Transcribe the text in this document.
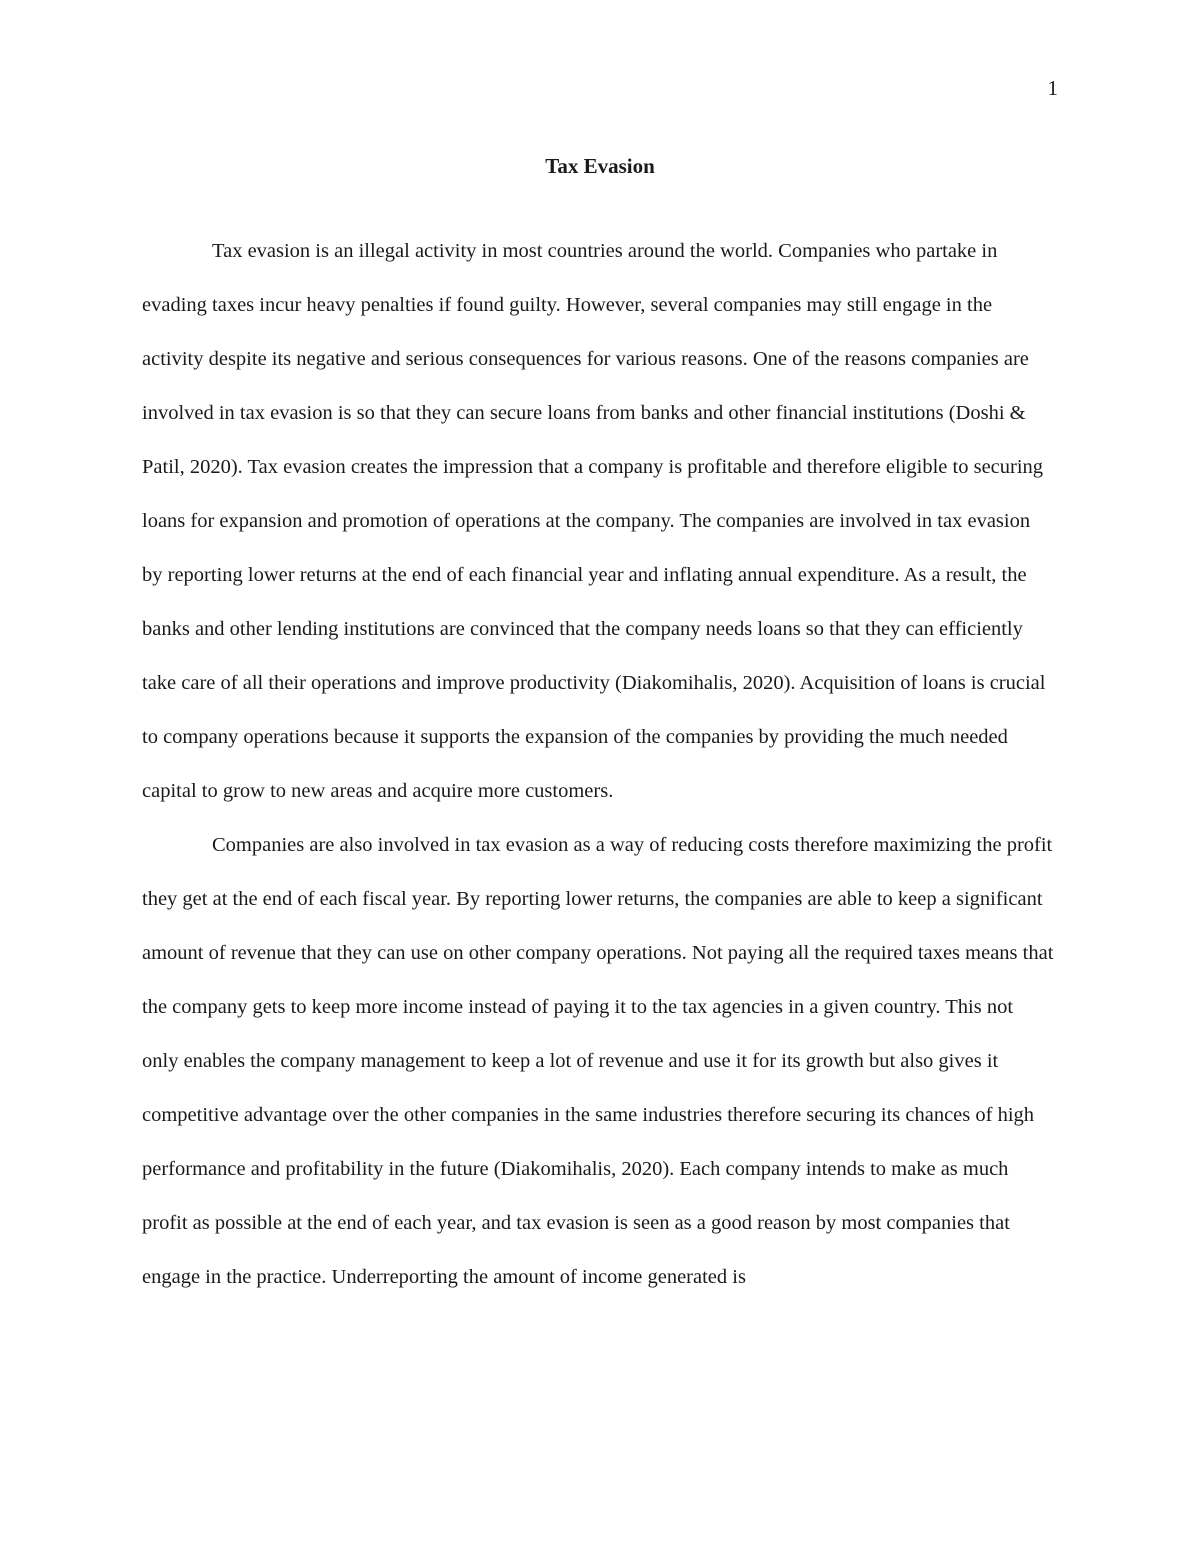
1
Tax Evasion

Tax evasion is an illegal activity in most countries around the world. Companies who partake in evading taxes incur heavy penalties if found guilty. However, several companies may still engage in the activity despite its negative and serious consequences for various reasons. One of the reasons companies are involved in tax evasion is so that they can secure loans from banks and other financial institutions (Doshi & Patil, 2020). Tax evasion creates the impression that a company is profitable and therefore eligible to securing loans for expansion and promotion of operations at the company. The companies are involved in tax evasion by reporting lower returns at the end of each financial year and inflating annual expenditure. As a result, the banks and other lending institutions are convinced that the company needs loans so that they can efficiently take care of all their operations and improve productivity (Diakomihalis, 2020). Acquisition of loans is crucial to company operations because it supports the expansion of the companies by providing the much needed capital to grow to new areas and acquire more customers.

Companies are also involved in tax evasion as a way of reducing costs therefore maximizing the profit they get at the end of each fiscal year. By reporting lower returns, the companies are able to keep a significant amount of revenue that they can use on other company operations. Not paying all the required taxes means that the company gets to keep more income instead of paying it to the tax agencies in a given country. This not only enables the company management to keep a lot of revenue and use it for its growth but also gives it competitive advantage over the other companies in the same industries therefore securing its chances of high performance and profitability in the future (Diakomihalis, 2020). Each company intends to make as much profit as possible at the end of each year, and tax evasion is seen as a good reason by most companies that engage in the practice. Underreporting the amount of income generated is
